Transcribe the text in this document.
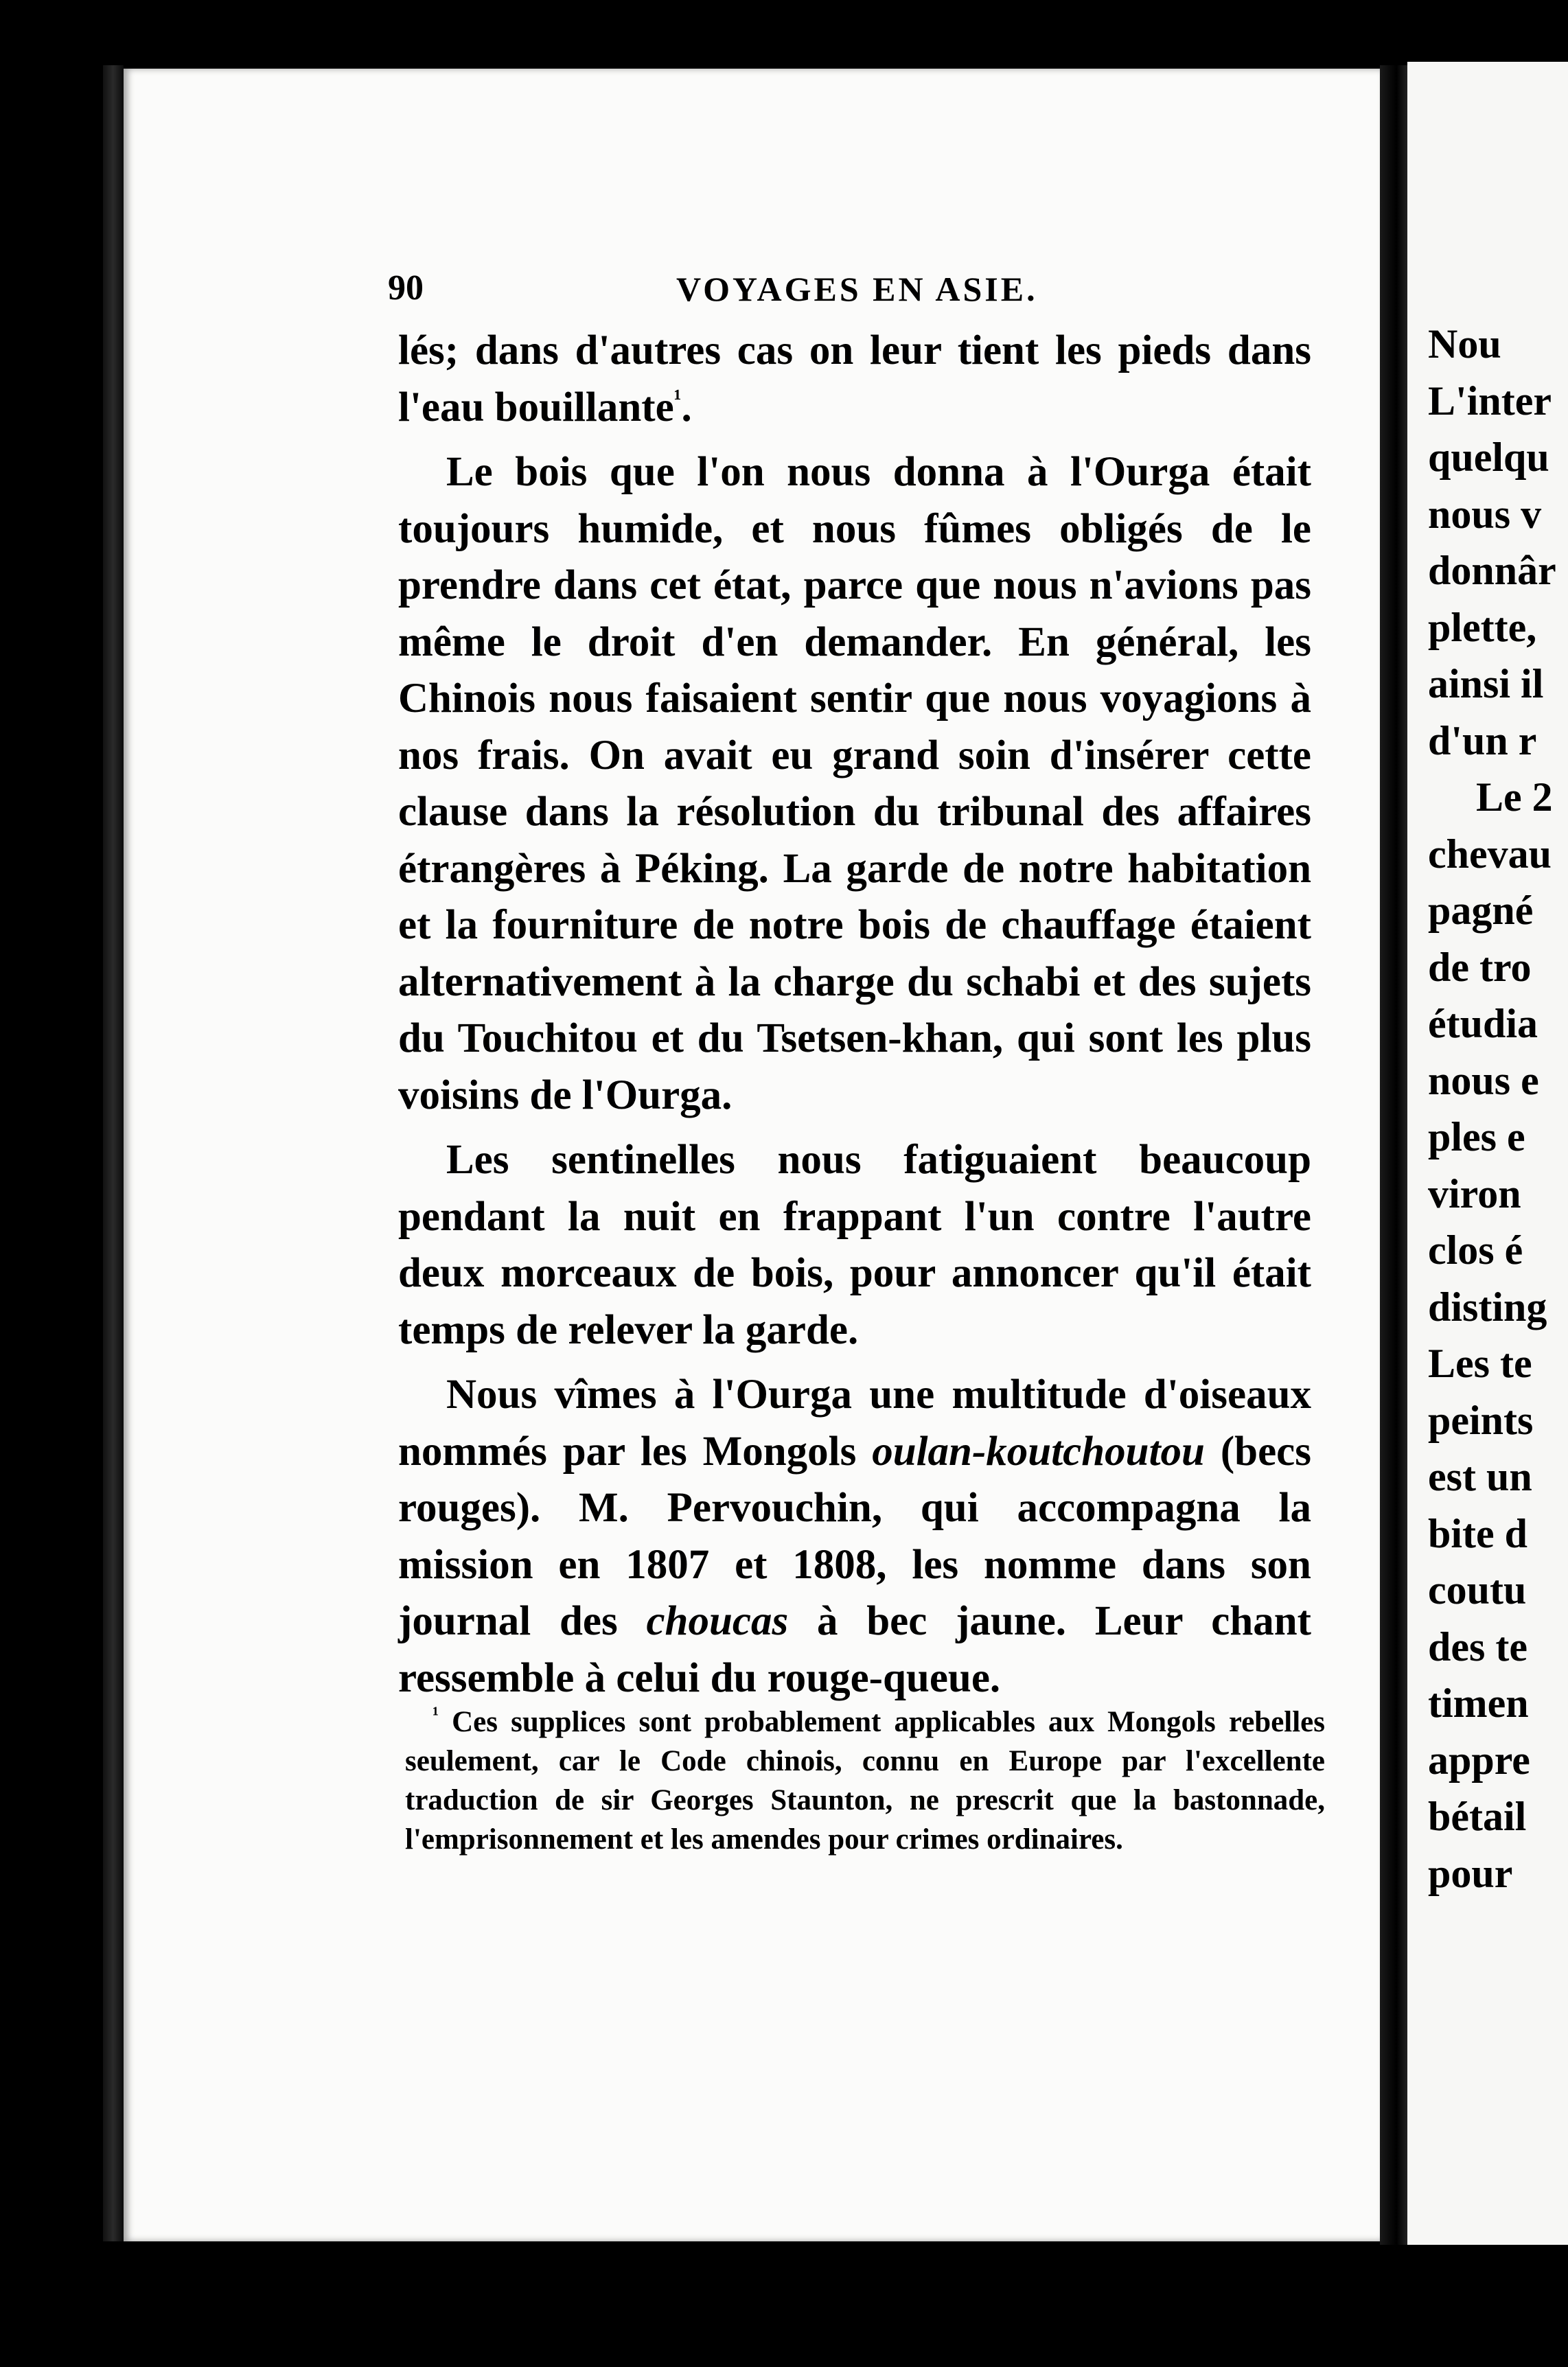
90	VOYAGES EN ASIE.

lés; dans d'autres cas on leur tient les pieds dans l'eau bouillante$^{^1}$.

Le bois que l'on nous donna à l'Ourga était toujours humide, et nous fûmes obligés de le prendre dans cet état, parce que nous n'avions pas même le droit d'en demander. En général, les Chinois nous faisaient sentir que nous voyagions à nos frais. On avait eu grand soin d'insérer cette clause dans la résolution du tribunal des affaires étrangères à Péking. La garde de notre habitation et la fourniture de notre bois de chauffage étaient alternativement à la charge du schabi et des sujets du Touchitou et du Tsetsen-khan, qui sont les plus voisins de l'Ourga.

Les sentinelles nous fatiguaient beaucoup pendant la nuit en frappant l'un contre l'autre deux morceaux de bois, pour annoncer qu'il était temps de relever la garde.

Nous vîmes à l'Ourga une multitude d'oiseaux nommés par les Mongols oulan-koutchoutou (becs rouges). M. Pervouchin, qui accompagna la mission en 1807 et 1808, les nomme dans son journal des choucas à bec jaune. Leur chant ressemble à celui du rouge-queue.

$^{^1}$ Ces supplices sont probablement applicables aux Mongols rebelles seulement, car le Code chinois, connu en Europe par l'excellente traduction de sir Georges Staunton, ne prescrit que la bastonnade, l'emprisonnement et les amendes pour crimes ordinaires.

Nou
L'inter
quelqu
nous v
donnâr
plette,
ainsi il
d'un r
Le 2
chevau
pagné
de tro
étudia
nous e
ples e
viron
clos é
disting
Les te
peints
est un
bite d
coutu
des te
timen
appre
bétail
pour
